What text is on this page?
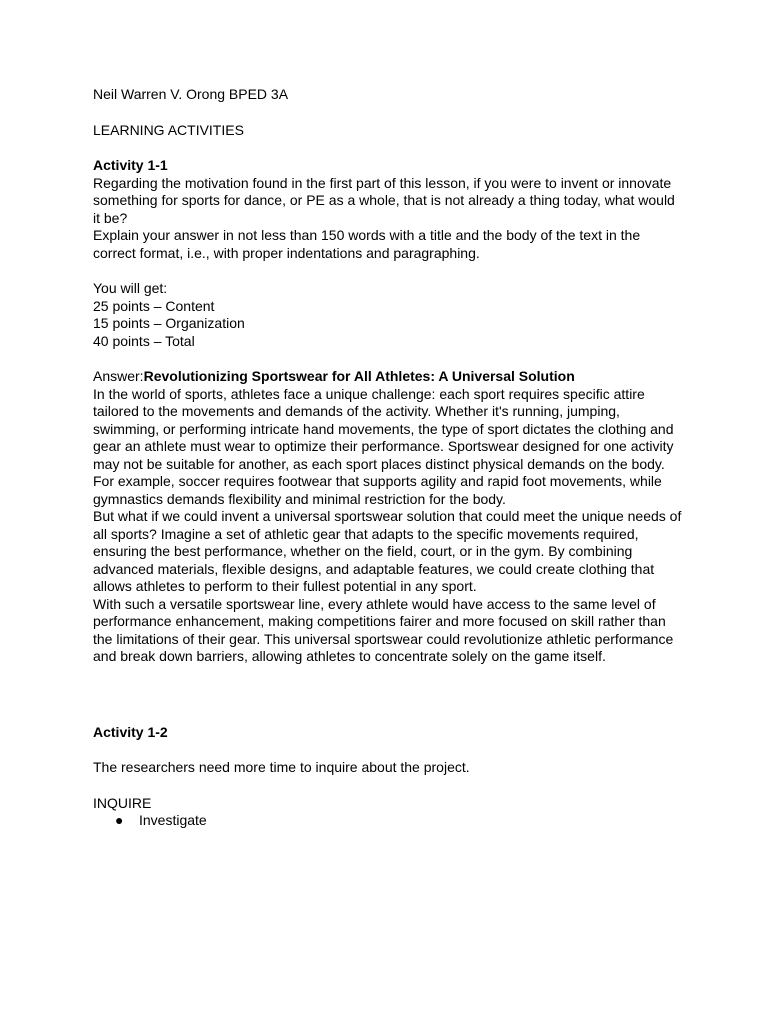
Neil Warren V. Orong BPED 3A
LEARNING ACTIVITIES
Activity 1-1

Regarding the motivation found in the first part of this lesson, if you were to invent or innovate something for sports for dance, or PE as a whole, that is not already a thing today, what would it be?

Explain your answer in not less than 150 words with a title and the body of the text in the correct format, i.e., with proper indentations and paragraphing.

You will get:
25 points – Content
15 points – Organization
40 points – Total
Answer:Revolutionizing Sportswear for All Athletes: A Universal Solution

In the world of sports, athletes face a unique challenge: each sport requires specific attire tailored to the movements and demands of the activity. Whether it's running, jumping, swimming, or performing intricate hand movements, the type of sport dictates the clothing and gear an athlete must wear to optimize their performance. Sportswear designed for one activity may not be suitable for another, as each sport places distinct physical demands on the body. For example, soccer requires footwear that supports agility and rapid foot movements, while gymnastics demands flexibility and minimal restriction for the body.

But what if we could invent a universal sportswear solution that could meet the unique needs of all sports? Imagine a set of athletic gear that adapts to the specific movements required, ensuring the best performance, whether on the field, court, or in the gym. By combining advanced materials, flexible designs, and adaptable features, we could create clothing that allows athletes to perform to their fullest potential in any sport.

With such a versatile sportswear line, every athlete would have access to the same level of performance enhancement, making competitions fairer and more focused on skill rather than the limitations of their gear. This universal sportswear could revolutionize athletic performance and break down barriers, allowing athletes to concentrate solely on the game itself.

Activity 1-2
The researchers need more time to inquire about the project.
INQUIRE
● Investigate
